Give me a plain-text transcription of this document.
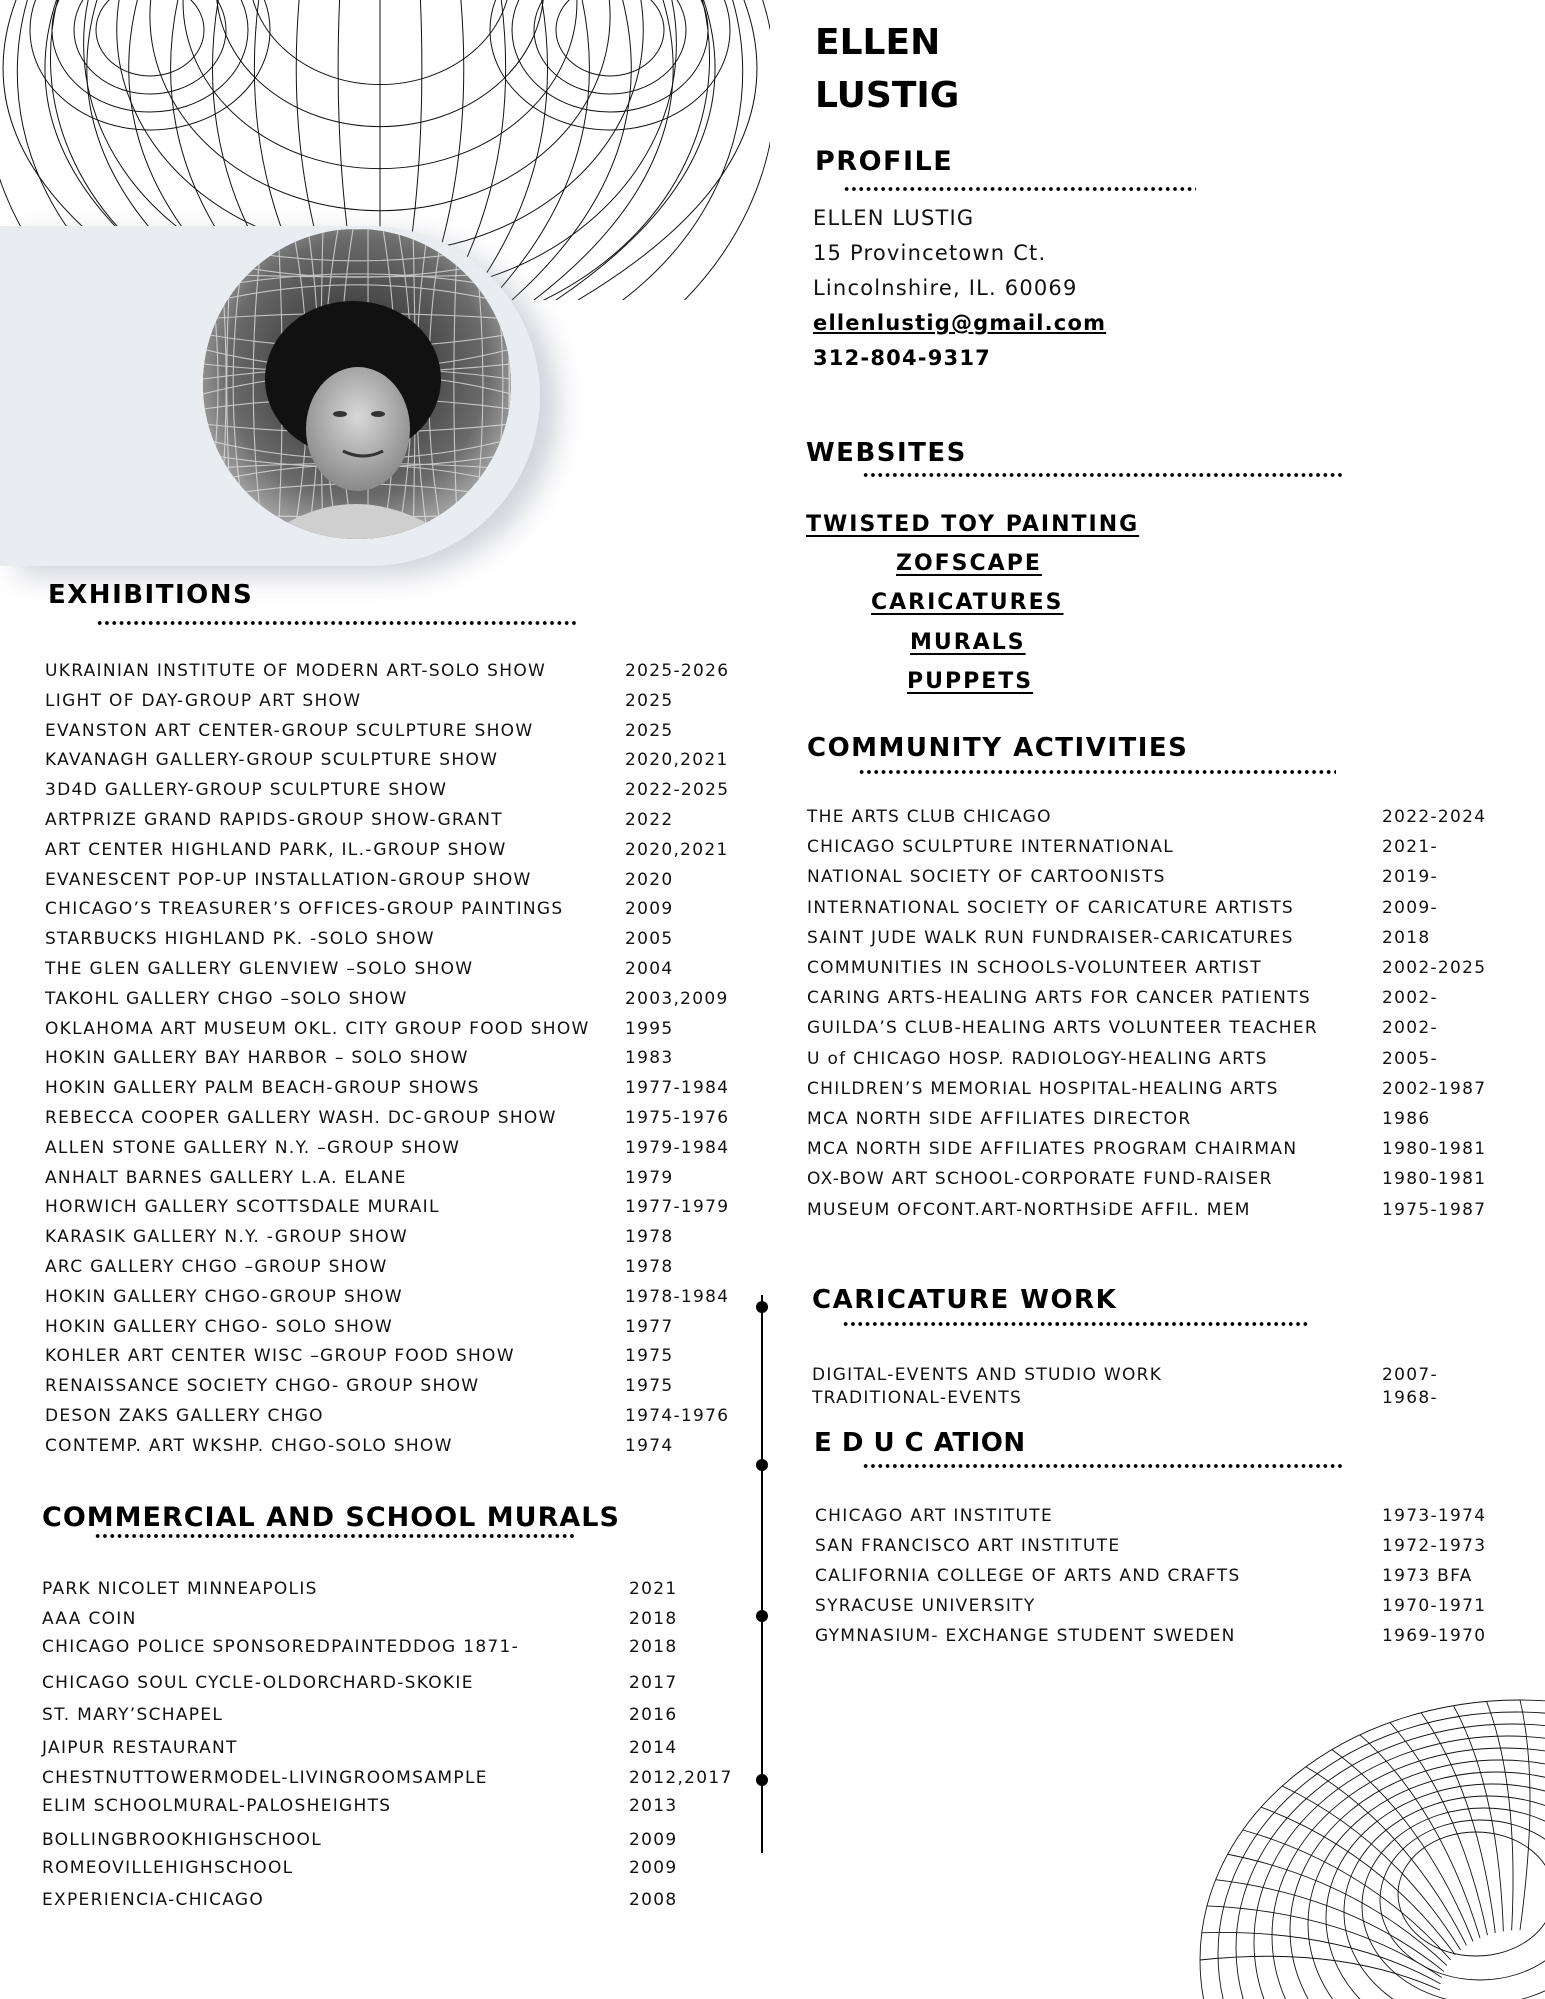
ELLEN
LUSTIG
PROFILE
ELLEN LUSTIG
15 Provincetown Ct.
Lincolnshire, IL. 60069
ellenlustig@gmail.com
312-804-9317
WEBSITES
TWISTED TOY PAINTING
ZOFSCAPE
CARICATURES
MURALS
PUPPETS
COMMUNITY ACTIVITIES
THE ARTS CLUB CHICAGO	2022-2024
CHICAGO SCULPTURE INTERNATIONAL	2021-
NATIONAL SOCIETY OF CARTOONISTS	2019-
INTERNATIONAL SOCIETY OF CARICATURE ARTISTS	2009-
SAINT JUDE WALK RUN FUNDRAISER-CARICATURES	2018
COMMUNITIES IN SCHOOLS-VOLUNTEER ARTIST	2002-2025
CARING ARTS-HEALING ARTS FOR CANCER PATIENTS	2002-
GUILDA’S CLUB-HEALING ARTS VOLUNTEER TEACHER	2002-
U of CHICAGO HOSP. RADIOLOGY-HEALING ARTS	2005-
CHILDREN’S MEMORIAL HOSPITAL-HEALING ARTS	2002-1987
MCA NORTH SIDE AFFILIATES DIRECTOR	1986
MCA NORTH SIDE AFFILIATES PROGRAM CHAIRMAN	1980-1981
OX-BOW ART SCHOOL-CORPORATE FUND-RAISER	1980-1981
MUSEUM OFCONT.ART-NORTHSiDE AFFIL. MEM	1975-1987
CARICATURE WORK
DIGITAL-EVENTS AND STUDIO WORK	2007-
TRADITIONAL-EVENTS	1968-
E D U C ATION
CHICAGO ART INSTITUTE	1973-1974
SAN FRANCISCO ART INSTITUTE	1972-1973
CALIFORNIA COLLEGE OF ARTS AND CRAFTS	1973 BFA
SYRACUSE UNIVERSITY	1970-1971
GYMNASIUM- EXCHANGE STUDENT SWEDEN	1969-1970
EXHIBITIONS
UKRAINIAN INSTITUTE OF MODERN ART-SOLO SHOW	2025-2026
LIGHT OF DAY-GROUP ART SHOW	2025
EVANSTON ART CENTER-GROUP SCULPTURE SHOW	2025
KAVANAGH GALLERY-GROUP SCULPTURE SHOW	2020,2021
3D4D GALLERY-GROUP SCULPTURE SHOW	2022-2025
ARTPRIZE GRAND RAPIDS-GROUP SHOW-GRANT	2022
ART CENTER HIGHLAND PARK, IL.-GROUP SHOW	2020,2021
EVANESCENT POP-UP INSTALLATION-GROUP SHOW	2020
CHICAGO’S TREASURER’S OFFICES-GROUP PAINTINGS	2009
STARBUCKS HIGHLAND PK. -SOLO SHOW	2005
THE GLEN GALLERY GLENVIEW –SOLO SHOW	2004
TAKOHL GALLERY CHGO –SOLO SHOW	2003,2009
OKLAHOMA ART MUSEUM OKL. CITY GROUP FOOD SHOW 1995
HOKIN GALLERY BAY HARBOR – SOLO SHOW	1983
HOKIN GALLERY PALM BEACH-GROUP SHOWS	1977-1984
REBECCA COOPER GALLERY WASH. DC-GROUP SHOW	1975-1976
ALLEN STONE GALLERY N.Y. –GROUP SHOW	1979-1984
ANHALT BARNES GALLERY L.A. ELANE	1979
HORWICH GALLERY SCOTTSDALE MURAIL	1977-1979
KARASIK GALLERY N.Y. -GROUP SHOW	1978
ARC GALLERY CHGO –GROUP SHOW	1978
HOKIN GALLERY CHGO-GROUP SHOW	1978-1984
HOKIN GALLERY CHGO- SOLO SHOW	1977
KOHLER ART CENTER WISC –GROUP FOOD SHOW	1975
RENAISSANCE SOCIETY CHGO- GROUP SHOW	1975
DESON ZAKS GALLERY CHGO	1974-1976
CONTEMP. ART WKSHP. CHGO-SOLO SHOW	1974
COMMERCIAL AND SCHOOL MURALS
PARK NICOLET MINNEAPOLIS	2021
AAA COIN	2018
CHICAGO POLICE SPONSOREDPAINTEDDOG 1871-	2018
CHICAGO SOUL CYCLE-OLDORCHARD-SKOKIE	2017
ST. MARY’SCHAPEL	2016
JAIPUR RESTAURANT	2014
CHESTNUTTOWERMODEL-LIVINGROOMSAMPLE	2012,2017
ELIM SCHOOLMURAL-PALOSHEIGHTS	2013
BOLLINGBROOKHIGHSCHOOL	2009
ROMEOVILLEHIGHSCHOOL	2009
EXPERIENCIA-CHICAGO	2008
